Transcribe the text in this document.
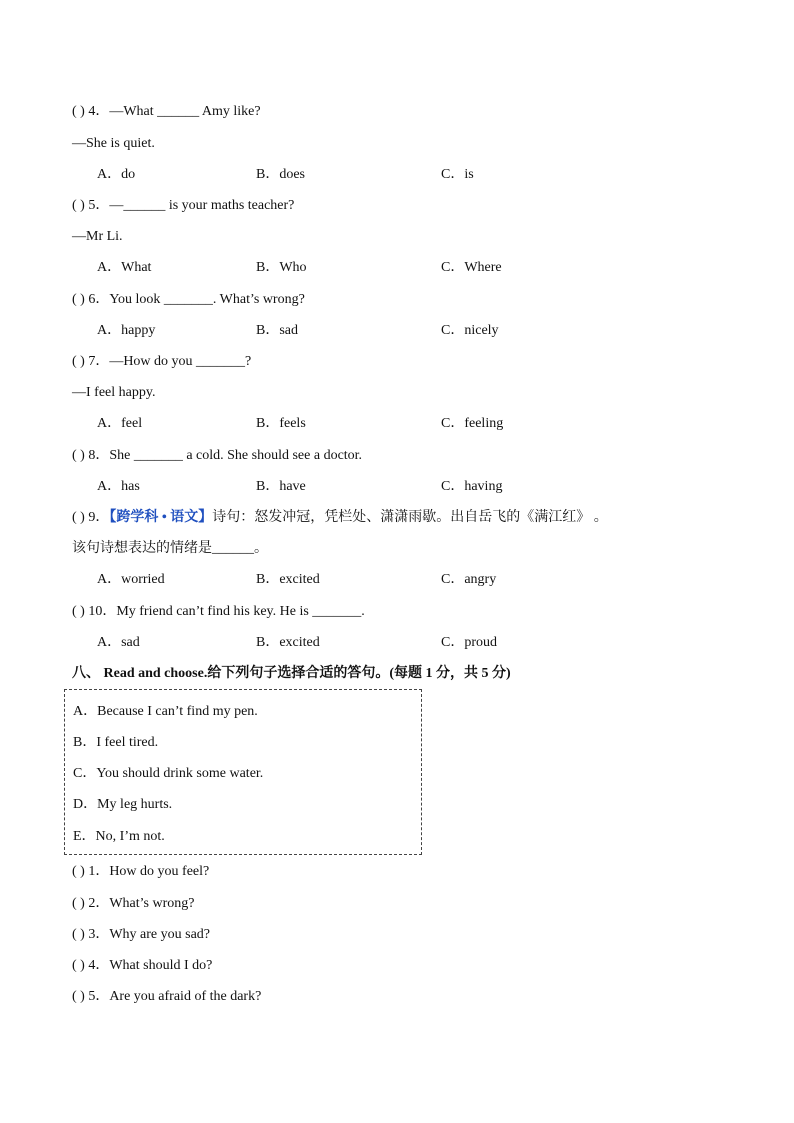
( ) 4．—What ______ Amy like?
—She is quiet.
A．do	B．does	C．is
( ) 5．—______ is your maths teacher?
—Mr Li.
A．What	B．Who	C．Where
( ) 6．You look _______. What’s wrong?
A．happy	B．sad	C．nicely
( ) 7．—How do you _______?
—I feel happy.
A．feel	B．feels	C．feeling
( ) 8．She _______ a cold. She should see a doctor.
A．has	B．have	C．having
( ) 9．【跨学科 • 语文】诗句：怒发冲冠，凭栏处、潇潇雨歇。出自岳飞的《满江红》 。
该句诗想表达的情绪是______。
A．worried	B．excited	C．angry
( ) 10．My friend can’t find his key. He is _______.
A．sad	B．excited	C．proud
八、 Read and choose.给下列句子选择合适的答句。(每题 1 分，共 5 分)
A．Because I can’t find my pen.
B．I feel tired.
C．You should drink some water.
D．My leg hurts.
E．No, I’m not.
( ) 1．How do you feel?
( ) 2．What’s wrong?
( ) 3．Why are you sad?
( ) 4．What should I do?
( ) 5．Are you afraid of the dark?
